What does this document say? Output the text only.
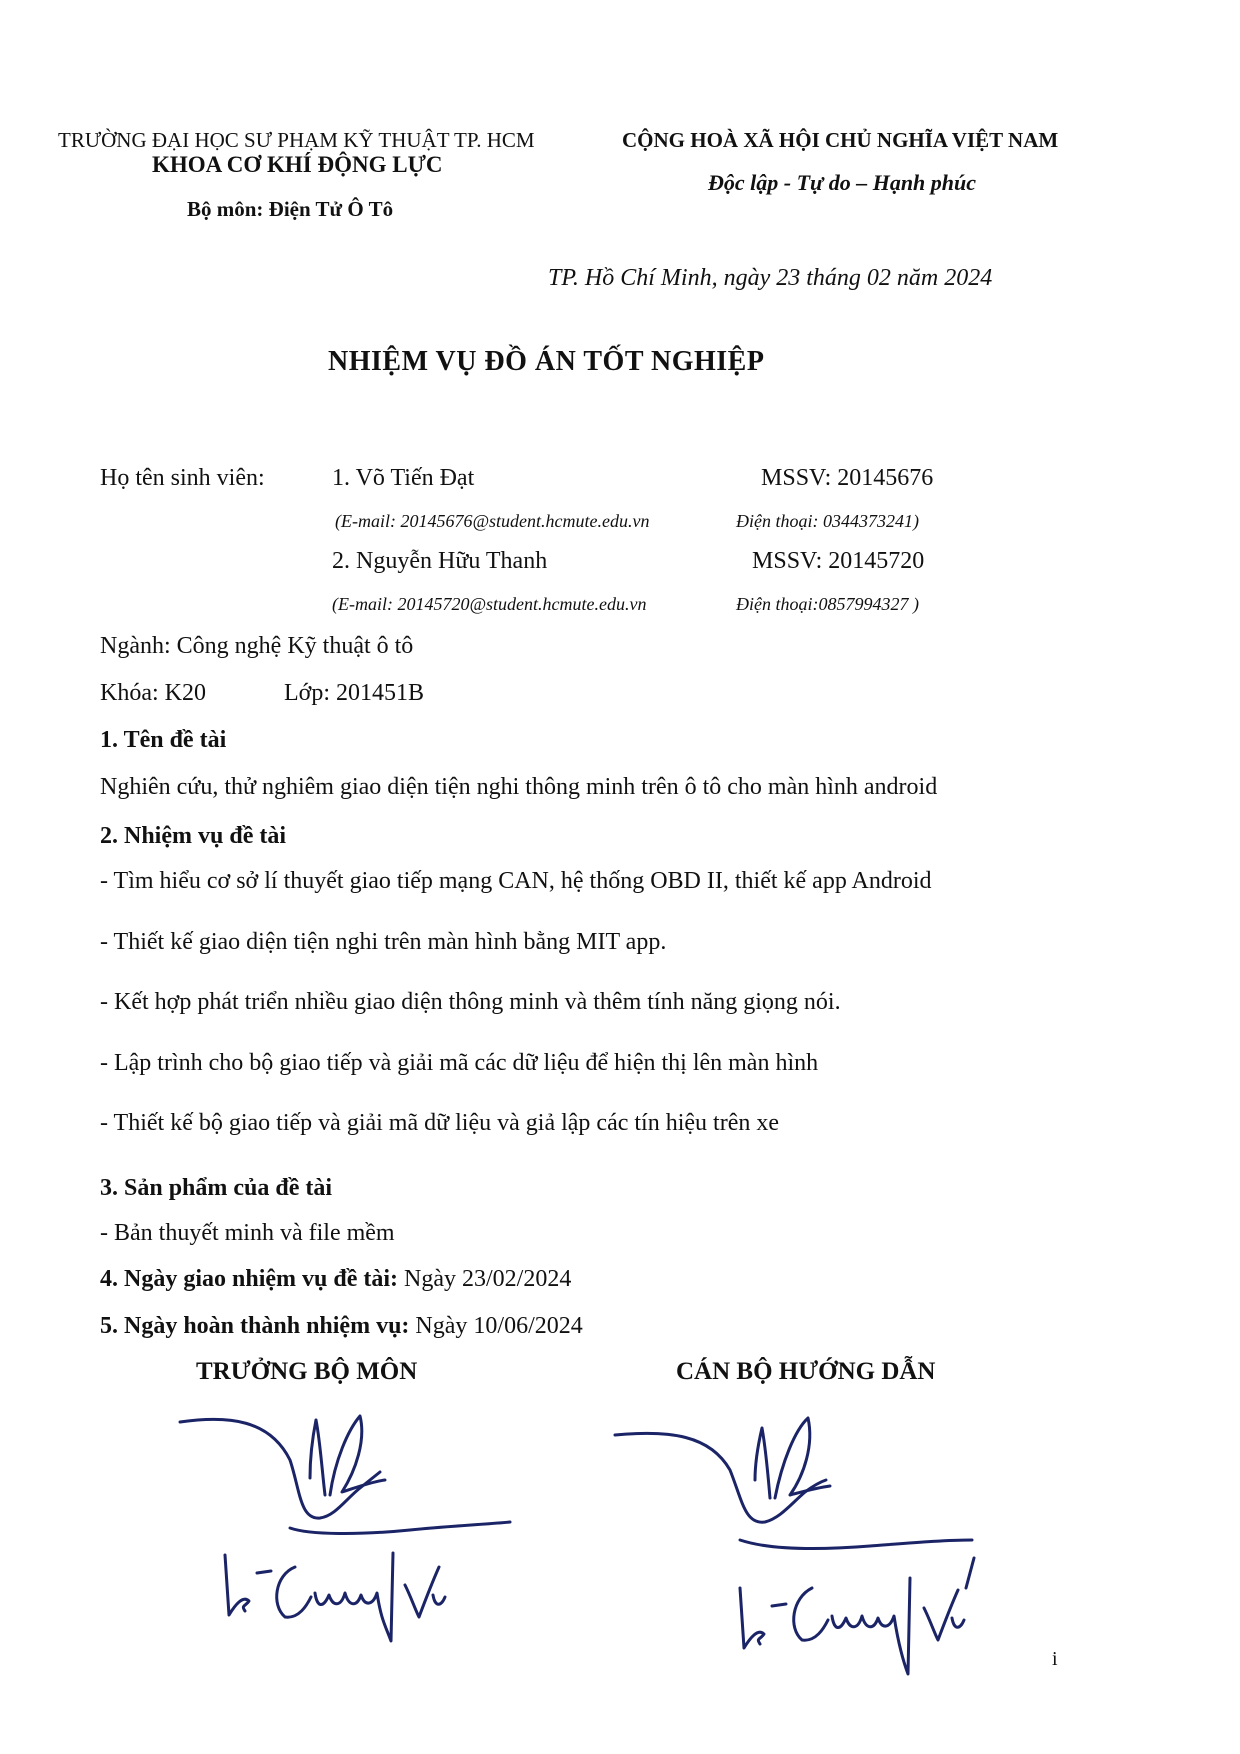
TRƯỜNG ĐẠI HỌC SƯ PHẠM KỸ THUẬT TP. HCM
KHOA CƠ KHÍ ĐỘNG LỰC
Bộ môn: Điện Tử Ô Tô
CỘNG HOÀ XÃ HỘI CHỦ NGHĨA VIỆT NAM
Độc lập - Tự do – Hạnh phúc
TP. Hồ Chí Minh, ngày 23 tháng 02 năm 2024
NHIỆM VỤ ĐỒ ÁN TỐT NGHIỆP
Họ tên sinh viên:	1. Võ Tiến Đạt	MSSV: 20145676
(E-mail: 20145676@student.hcmute.edu.vn	Điện thoại: 0344373241)
2. Nguyễn Hữu Thanh	MSSV: 20145720
(E-mail: 20145720@student.hcmute.edu.vn	Điện thoại:0857994327 )
Ngành: Công nghệ Kỹ thuật ô tô
Khóa: K20	Lớp: 201451B
1. Tên đề tài
Nghiên cứu, thử nghiêm giao diện tiện nghi thông minh trên ô tô cho màn hình android
2. Nhiệm vụ đề tài
- Tìm hiểu cơ sở lí thuyết giao tiếp mạng CAN, hệ thống OBD II, thiết kế app Android
- Thiết kế giao diện tiện nghi trên màn hình bằng MIT app.
- Kết hợp phát triển nhiều giao diện thông minh và thêm tính năng giọng nói.
- Lập trình cho bộ giao tiếp và giải mã các dữ liệu để hiện thị lên màn hình
- Thiết kế bộ giao tiếp và giải mã dữ liệu và giả lập các tín hiệu trên xe
3. Sản phẩm của đề tài
- Bản thuyết minh và file mềm
4. Ngày giao nhiệm vụ đề tài: Ngày 23/02/2024
5. Ngày hoàn thành nhiệm vụ: Ngày 10/06/2024
TRƯỞNG BỘ MÔN	CÁN BỘ HƯỚNG DẪN
i
